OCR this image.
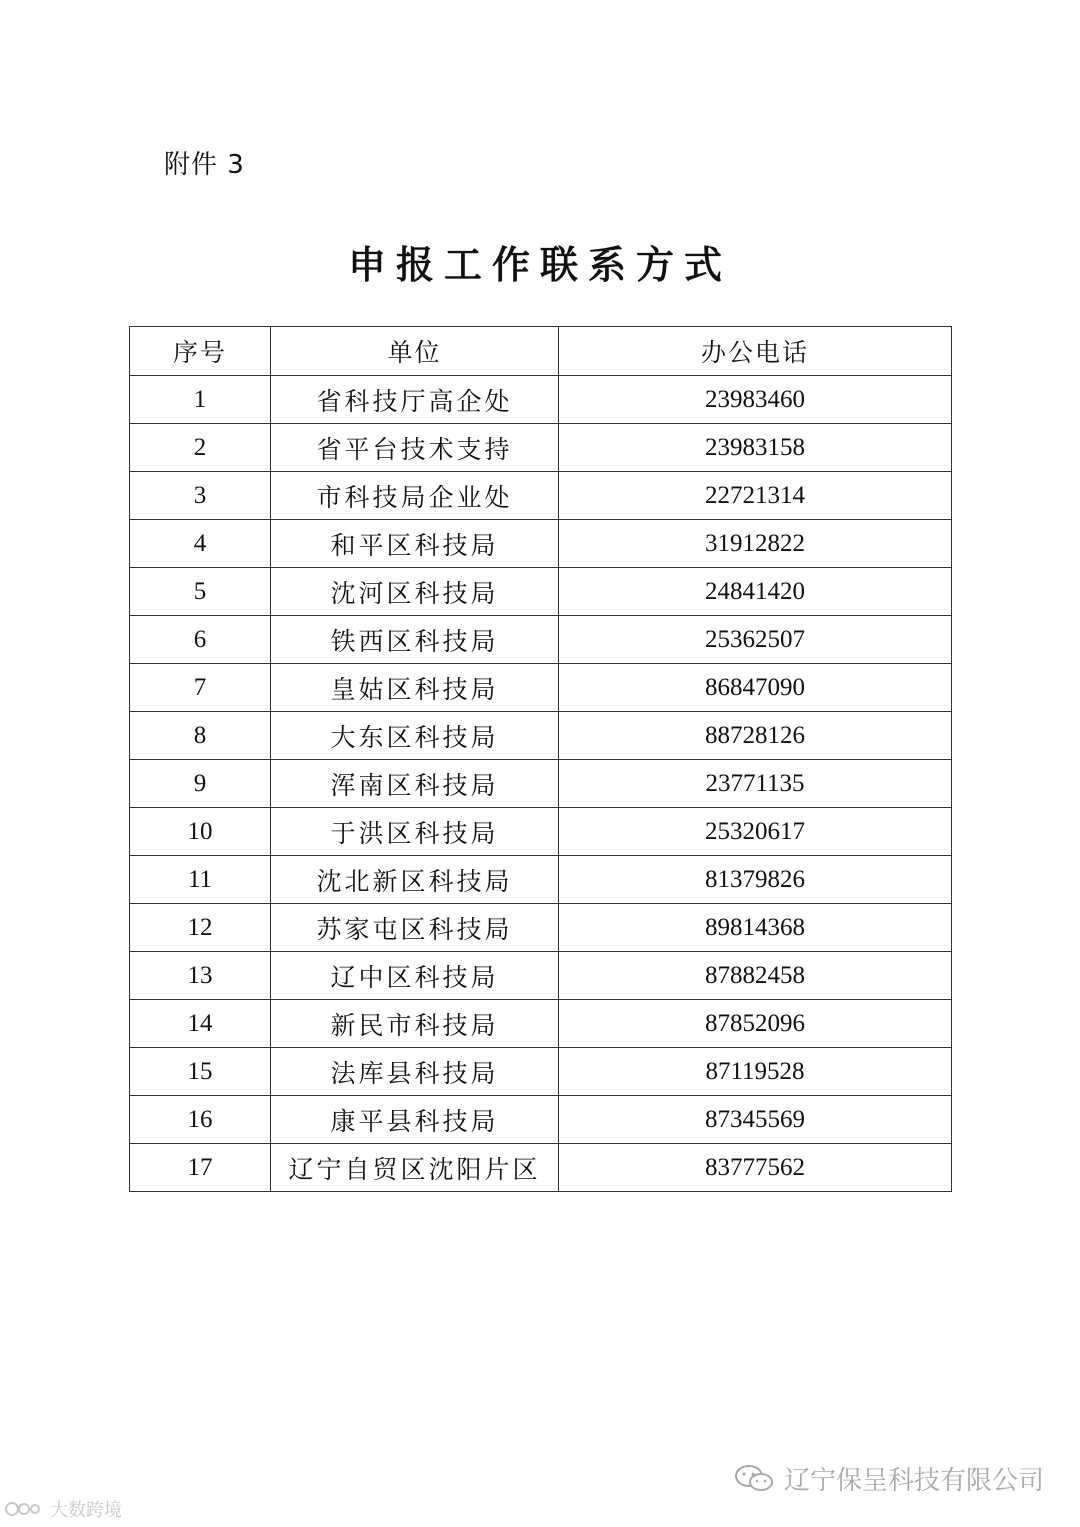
附件 3
申报工作联系方式
序号	单位	办公电话
1	省科技厅高企处	23983460
2	省平台技术支持	23983158
3	市科技局企业处	22721314
4	和平区科技局	31912822
5	沈河区科技局	24841420
6	铁西区科技局	25362507
7	皇姑区科技局	86847090
8	大东区科技局	88728126
9	浑南区科技局	23771135
10	于洪区科技局	25320617
11	沈北新区科技局	81379826
12	苏家屯区科技局	89814368
13	辽中区科技局	87882458
14	新民市科技局	87852096
15	法库县科技局	87119528
16	康平县科技局	87345569
17	辽宁自贸区沈阳片区	83777562
大数跨境
辽宁保呈科技有限公司
